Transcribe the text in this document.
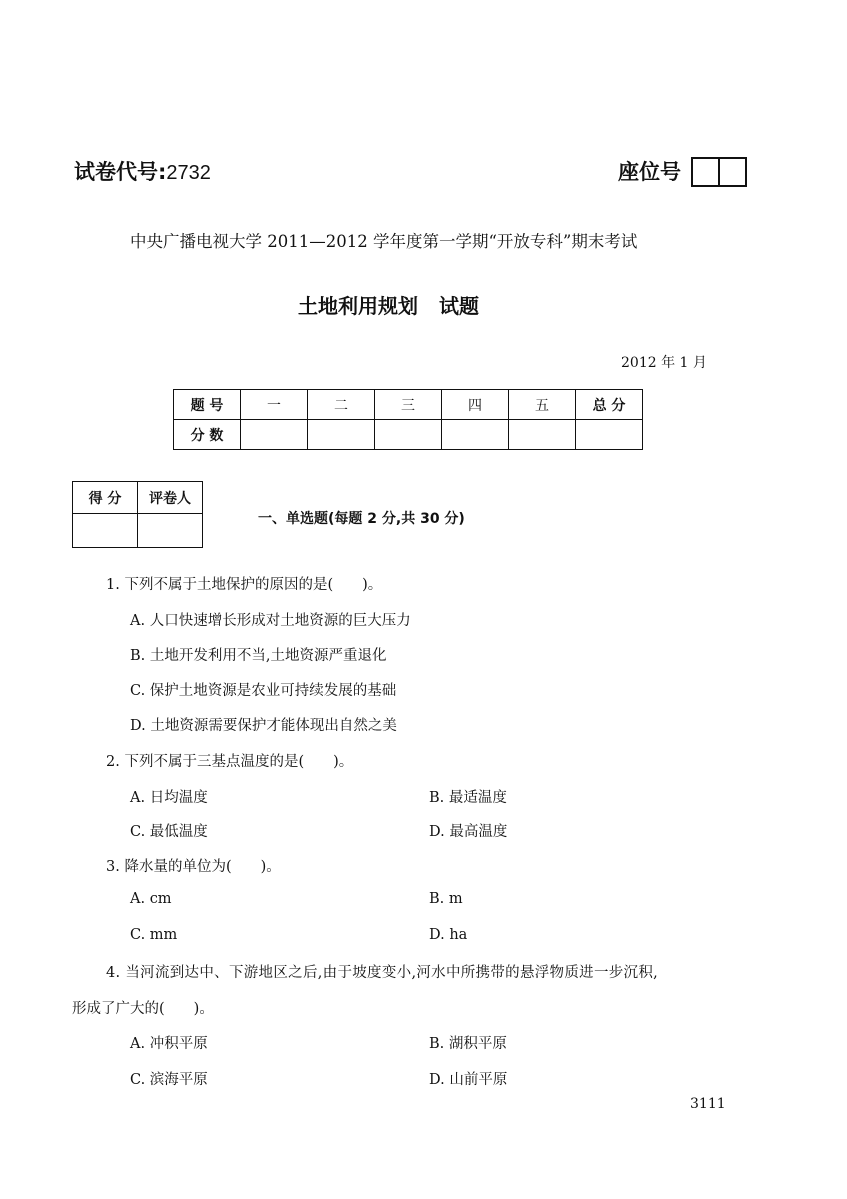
试卷代号:2732	座位号
中央广播电视大学 2011—2012 学年度第一学期“开放专科”期末考试
土地利用规划 试题
2012 年 1 月
题 号	一	二	三	四	五	总 分
分 数						
得 分	评卷人

一、单选题(每题 2 分,共 30 分)
1. 下列不属于土地保护的原因的是(　　)。
A. 人口快速增长形成对土地资源的巨大压力
B. 土地开发利用不当,土地资源严重退化
C. 保护土地资源是农业可持续发展的基础
D. 土地资源需要保护才能体现出自然之美
2. 下列不属于三基点温度的是(　　)。
A. 日均温度	B. 最适温度
C. 最低温度	D. 最高温度
3. 降水量的单位为(　　)。
A. cm	B. m
C. mm	D. ha
4. 当河流到达中、下游地区之后,由于坡度变小,河水中所携带的悬浮物质进一步沉积,
形成了广大的(　　)。
A. 冲积平原	B. 湖积平原
C. 滨海平原	D. 山前平原
3111
